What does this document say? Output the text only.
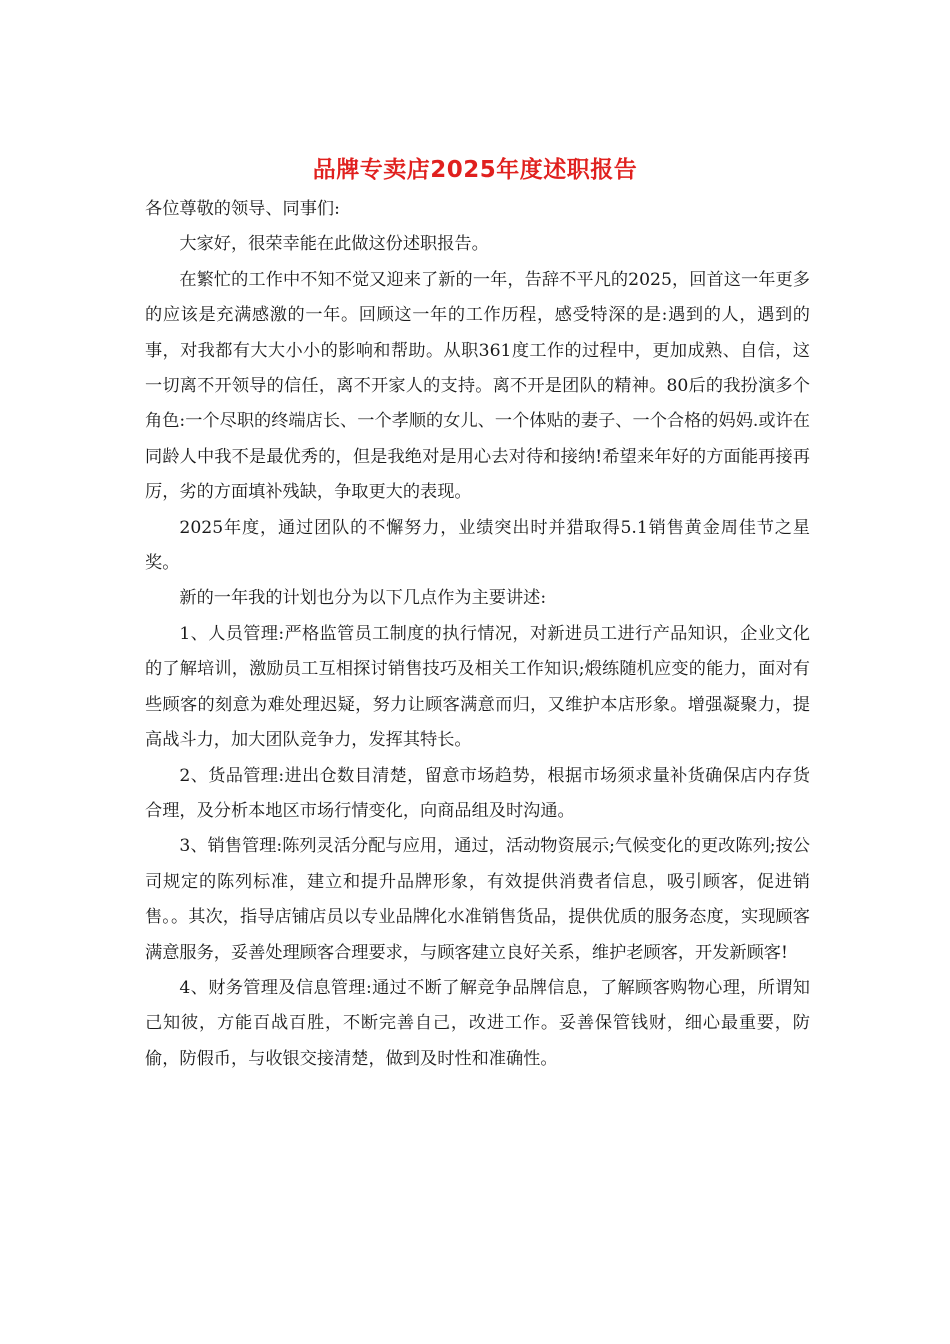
品牌专卖店2025年度述职报告

各位尊敬的领导、同事们:

大家好，很荣幸能在此做这份述职报告。

在繁忙的工作中不知不觉又迎来了新的一年，告辞不平凡的2025，回首这一年更多的应该是充满感激的一年。回顾这一年的工作历程，感受特深的是:遇到的人，遇到的事，对我都有大大小小的影响和帮助。从职361度工作的过程中，更加成熟、自信，这一切离不开领导的信任，离不开家人的支持。离不开是团队的精神。80后的我扮演多个角色:一个尽职的终端店长、一个孝顺的女儿、一个体贴的妻子、一个合格的妈妈.或许在同龄人中我不是最优秀的，但是我绝对是用心去对待和接纳!希望来年好的方面能再接再厉，劣的方面填补残缺，争取更大的表现。

2025年度，通过团队的不懈努力，业绩突出时并猎取得5.1销售黄金周佳节之星奖。

新的一年我的计划也分为以下几点作为主要讲述:

1、人员管理:严格监管员工制度的执行情况，对新进员工进行产品知识，企业文化的了解培训，激励员工互相探讨销售技巧及相关工作知识;煅练随机应变的能力，面对有些顾客的刻意为难处理迟疑，努力让顾客满意而归，又维护本店形象。增强凝聚力，提高战斗力，加大团队竞争力，发挥其特长。

2、货品管理:进出仓数目清楚，留意市场趋势，根据市场须求量补货确保店内存货合理，及分析本地区市场行情变化，向商品组及时沟通。

3、销售管理:陈列灵活分配与应用，通过，活动物资展示;气候变化的更改陈列;按公司规定的陈列标准，建立和提升品牌形象，有效提供消费者信息，吸引顾客，促进销售。。其次，指导店铺店员以专业品牌化水准销售货品，提供优质的服务态度，实现顾客满意服务，妥善处理顾客合理要求，与顾客建立良好关系，维护老顾客，开发新顾客!

4、财务管理及信息管理:通过不断了解竞争品牌信息，了解顾客购物心理，所谓知己知彼，方能百战百胜，不断完善自己，改进工作。妥善保管钱财，细心最重要，防偷，防假币，与收银交接清楚，做到及时性和准确性。
